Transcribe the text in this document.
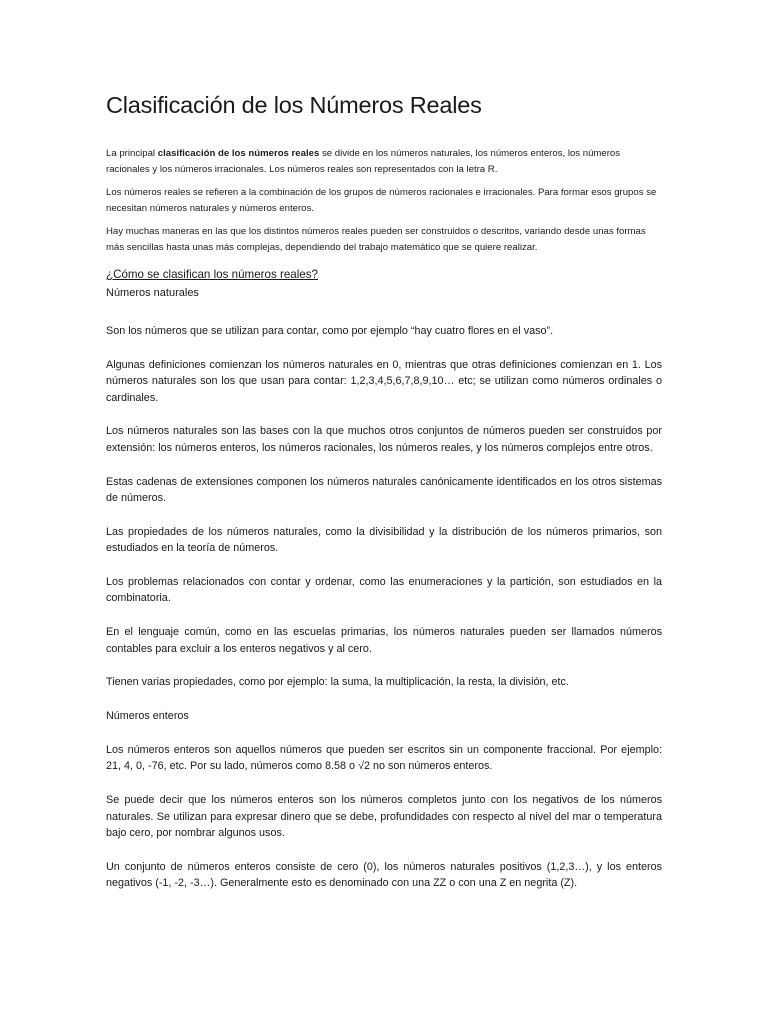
Clasificación de los Números Reales

La principal clasificación de los números reales se divide en los números naturales, los números enteros, los números racionales y los números irracionales. Los números reales son representados con la letra R.

Los números reales se refieren a la combinación de los grupos de números racionales e irracionales. Para formar esos grupos se necesitan números naturales y números enteros.

Hay muchas maneras en las que los distintos números reales pueden ser construidos o descritos, variando desde unas formas más sencillas hasta unas más complejas, dependiendo del trabajo matemático que se quiere realizar.

¿Cómo se clasifican los números reales?
Números naturales

Son los números que se utilizan para contar, como por ejemplo “hay cuatro flores en el vaso”.

Algunas definiciones comienzan los números naturales en 0, mientras que otras definiciones comienzan en 1. Los números naturales son los que usan para contar: 1,2,3,4,5,6,7,8,9,10… etc; se utilizan como números ordinales o cardinales.

Los números naturales son las bases con la que muchos otros conjuntos de números pueden ser construidos por extensión: los números enteros, los números racionales, los números reales, y los números complejos entre otros.

Estas cadenas de extensiones componen los números naturales canónicamente identificados en los otros sistemas de números.

Las propiedades de los números naturales, como la divisibilidad y la distribución de los números primarios, son estudiados en la teoría de números.

Los problemas relacionados con contar y ordenar, como las enumeraciones y la partición, son estudiados en la combinatoria.

En el lenguaje común, como en las escuelas primarias, los números naturales pueden ser llamados números contables para excluir a los enteros negativos y al cero.

Tienen varias propiedades, como por ejemplo: la suma, la multiplicación, la resta, la división, etc.

Números enteros

Los números enteros son aquellos números que pueden ser escritos sin un componente fraccional. Por ejemplo: 21, 4, 0, -76, etc. Por su lado, números como 8.58 o √2 no son números enteros.

Se puede decir que los números enteros son los números completos junto con los negativos de los números naturales. Se utilizan para expresar dinero que se debe, profundidades con respecto al nivel del mar o temperatura bajo cero, por nombrar algunos usos.

Un conjunto de números enteros consiste de cero (0), los números naturales positivos (1,2,3…), y los enteros negativos (-1, -2, -3…). Generalmente esto es denominado con una ZZ o con una Z en negrita (Z).
